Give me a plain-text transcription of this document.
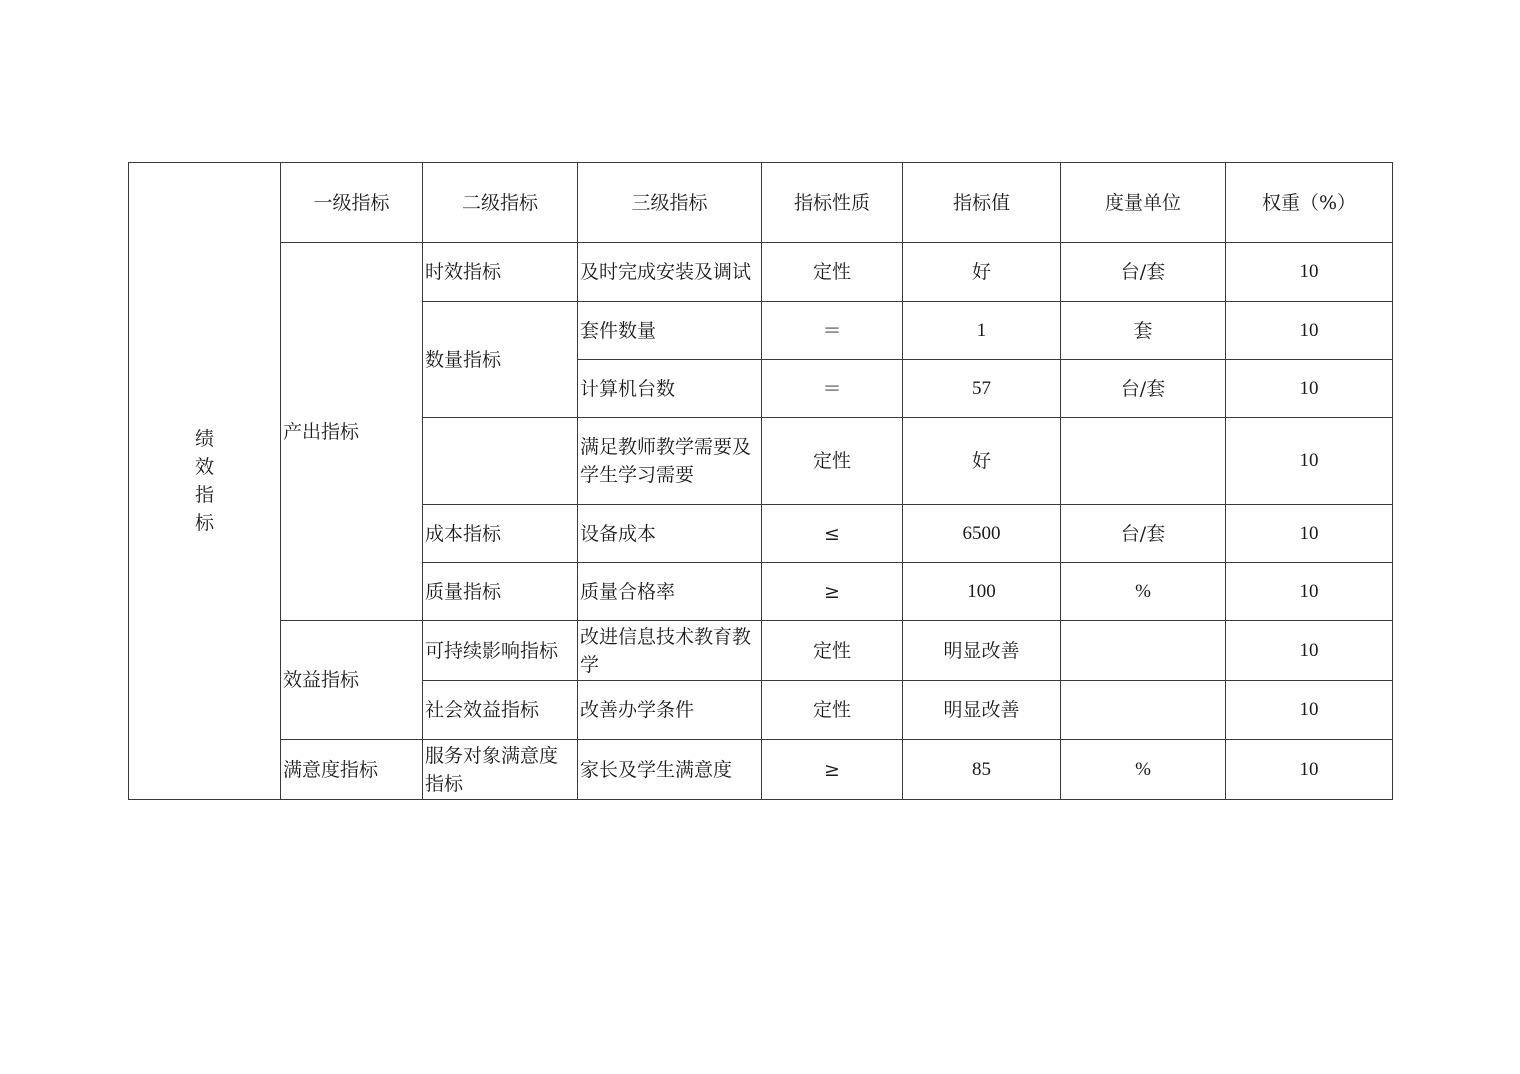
绩
效
指
标	一级指标	二级指标	三级指标	指标性质	指标值	度量单位	权重（%）
	产出指标	时效指标	及时完成安装及调试	定性	好	台/套	10
		数量指标	套件数量	＝	1	套	10
			计算机台数	＝	57	台/套	10
			满足教师教学需要及学生学习需要	定性	好		10
		成本指标	设备成本	≤	6500	台/套	10
		质量指标	质量合格率	≥	100	%	10
	效益指标	可持续影响指标	改进信息技术教育教学	定性	明显改善		10
		社会效益指标	改善办学条件	定性	明显改善		10
	满意度指标	服务对象满意度指标	家长及学生满意度	≥	85	%	10
